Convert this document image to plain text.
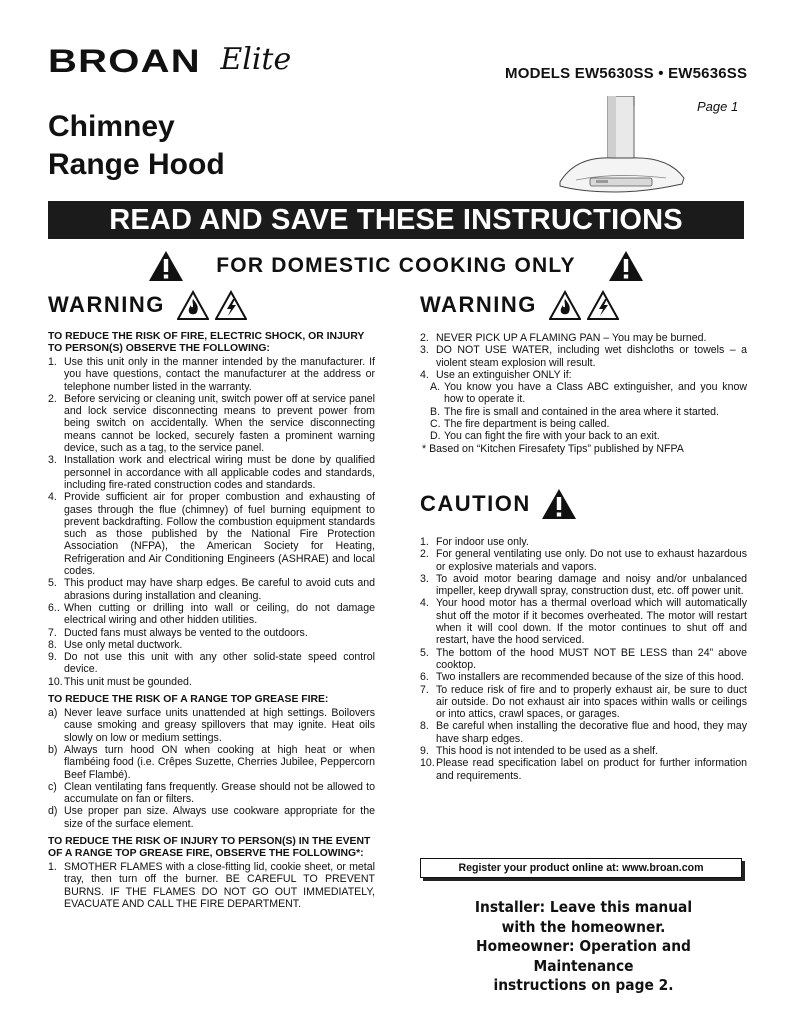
BROAN Elite	MODELS EW5630SS • EW5636SS
Page 1
Chimney
Range Hood
READ AND SAVE THESE INSTRUCTIONS
FOR DOMESTIC COOKING ONLY
WARNING	WARNING
TO REDUCE THE RISK OF FIRE, ELECTRIC SHOCK, OR INJURY TO PERSON(S) OBSERVE THE FOLLOWING:
1. Use this unit only in the manner intended by the manufacturer. If you have questions, contact the manufacturer at the address or telephone number listed in the warranty.
2. Before servicing or cleaning unit, switch power off at service panel and lock service disconnecting means to prevent power from being switch on accidentally. When the service disconnecting means cannot be locked, securely fasten a prominent warning device, such as a tag, to the service panel.
3. Installation work and electrical wiring must be done by qualified personnel in accordance with all applicable codes and standards, including fire-rated construction codes and standards.
4. Provide sufficient air for proper combustion and exhausting of gases through the flue (chimney) of fuel burning equipment to prevent backdrafting. Follow the combustion equipment standards such as those published by the National Fire Protection Association (NFPA), the American Society for Heating, Refrigeration and Air Conditioning Engineers (ASHRAE) and local codes.
5. This product may have sharp edges. Be careful to avoid cuts and abrasions during installation and cleaning.
6.. When cutting or drilling into wall or ceiling, do not damage electrical wiring and other hidden utilities.
7. Ducted fans must always be vented to the outdoors.
8. Use only metal ductwork.
9. Do not use this unit with any other solid-state speed control device.
10. This unit must be gounded.
TO REDUCE THE RISK OF A RANGE TOP GREASE FIRE:
a) Never leave surface units unattended at high settings. Boilovers cause smoking and greasy spillovers that may ignite. Heat oils slowly on low or medium settings.
b) Always turn hood ON when cooking at high heat or when flambéing food (i.e. Crêpes Suzette, Cherries Jubilee, Peppercorn Beef Flambé).
c) Clean ventilating fans frequently. Grease should not be allowed to accumulate on fan or filters.
d) Use proper pan size. Always use cookware appropriate for the size of the surface element.
TO REDUCE THE RISK OF INJURY TO PERSON(S) IN THE EVENT OF A RANGE TOP GREASE FIRE, OBSERVE THE FOLLOWING*:
1. SMOTHER FLAMES with a close-fitting lid, cookie sheet, or metal tray, then turn off the burner. BE CAREFUL TO PREVENT BURNS. IF THE FLAMES DO NOT GO OUT IMMEDIATELY, EVACUATE AND CALL THE FIRE DEPARTMENT.
2. NEVER PICK UP A FLAMING PAN – You may be burned.
3. DO NOT USE WATER, including wet dishcloths or towels – a violent steam explosion will result.
4. Use an extinguisher ONLY if:
A. You know you have a Class ABC extinguisher, and you know how to operate it.
B. The fire is small and contained in the area where it started.
C. The fire department is being called.
D. You can fight the fire with your back to an exit.
* Based on “Kitchen Firesafety Tips” published by NFPA
CAUTION
1. For indoor use only.
2. For general ventilating use only. Do not use to exhaust hazardous or explosive materials and vapors.
3. To avoid motor bearing damage and noisy and/or unbalanced impeller, keep drywall spray, construction dust, etc. off power unit.
4. Your hood motor has a thermal overload which will automatically shut off the motor if it becomes overheated. The motor will restart when it will cool down. If the motor continues to shut off and restart, have the hood serviced.
5. The bottom of the hood MUST NOT BE LESS than 24” above cooktop.
6. Two installers are recommended because of the size of this hood.
7. To reduce risk of fire and to properly exhaust air, be sure to duct air outside. Do not exhaust air into spaces within walls or ceilings or into attics, crawl spaces, or garages.
8. Be careful when installing the decorative flue and hood, they may have sharp edges.
9. This hood is not intended to be used as a shelf.
10. Please read specification label on product for further information and requirements.
Register your product online at: www.broan.com
Installer: Leave this manual
with the homeowner.
Homeowner: Operation and Maintenance
instructions on page 2.
